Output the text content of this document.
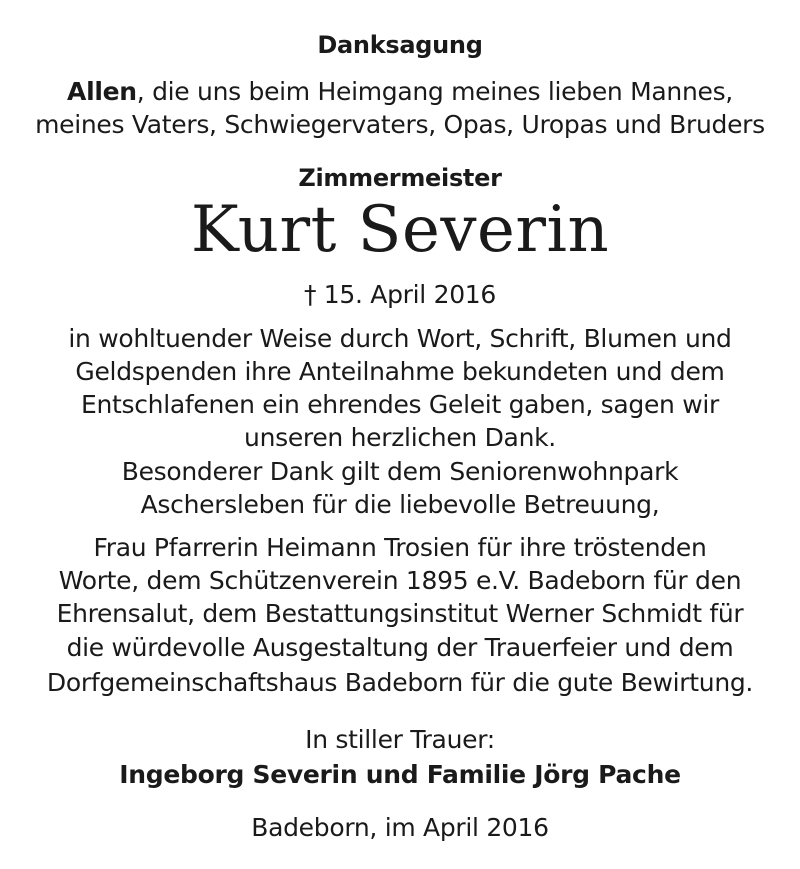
Danksagung
Allen, die uns beim Heimgang meines lieben Mannes,
meines Vaters, Schwiegervaters, Opas, Uropas und Bruders
Zimmermeister
Kurt Severin
† 15. April 2016
in wohltuender Weise durch Wort, Schrift, Blumen und
Geldspenden ihre Anteilnahme bekundeten und dem
Entschlafenen ein ehrendes Geleit gaben, sagen wir
unseren herzlichen Dank.
Besonderer Dank gilt dem Seniorenwohnpark
Aschersleben für die liebevolle Betreuung,
Frau Pfarrerin Heimann Trosien für ihre tröstenden
Worte, dem Schützenverein 1895 e.V. Badeborn für den
Ehrensalut, dem Bestattungsinstitut Werner Schmidt für
die würdevolle Ausgestaltung der Trauerfeier und dem
Dorfgemeinschaftshaus Badeborn für die gute Bewirtung.
In stiller Trauer:
Ingeborg Severin und Familie Jörg Pache
Badeborn, im April 2016
